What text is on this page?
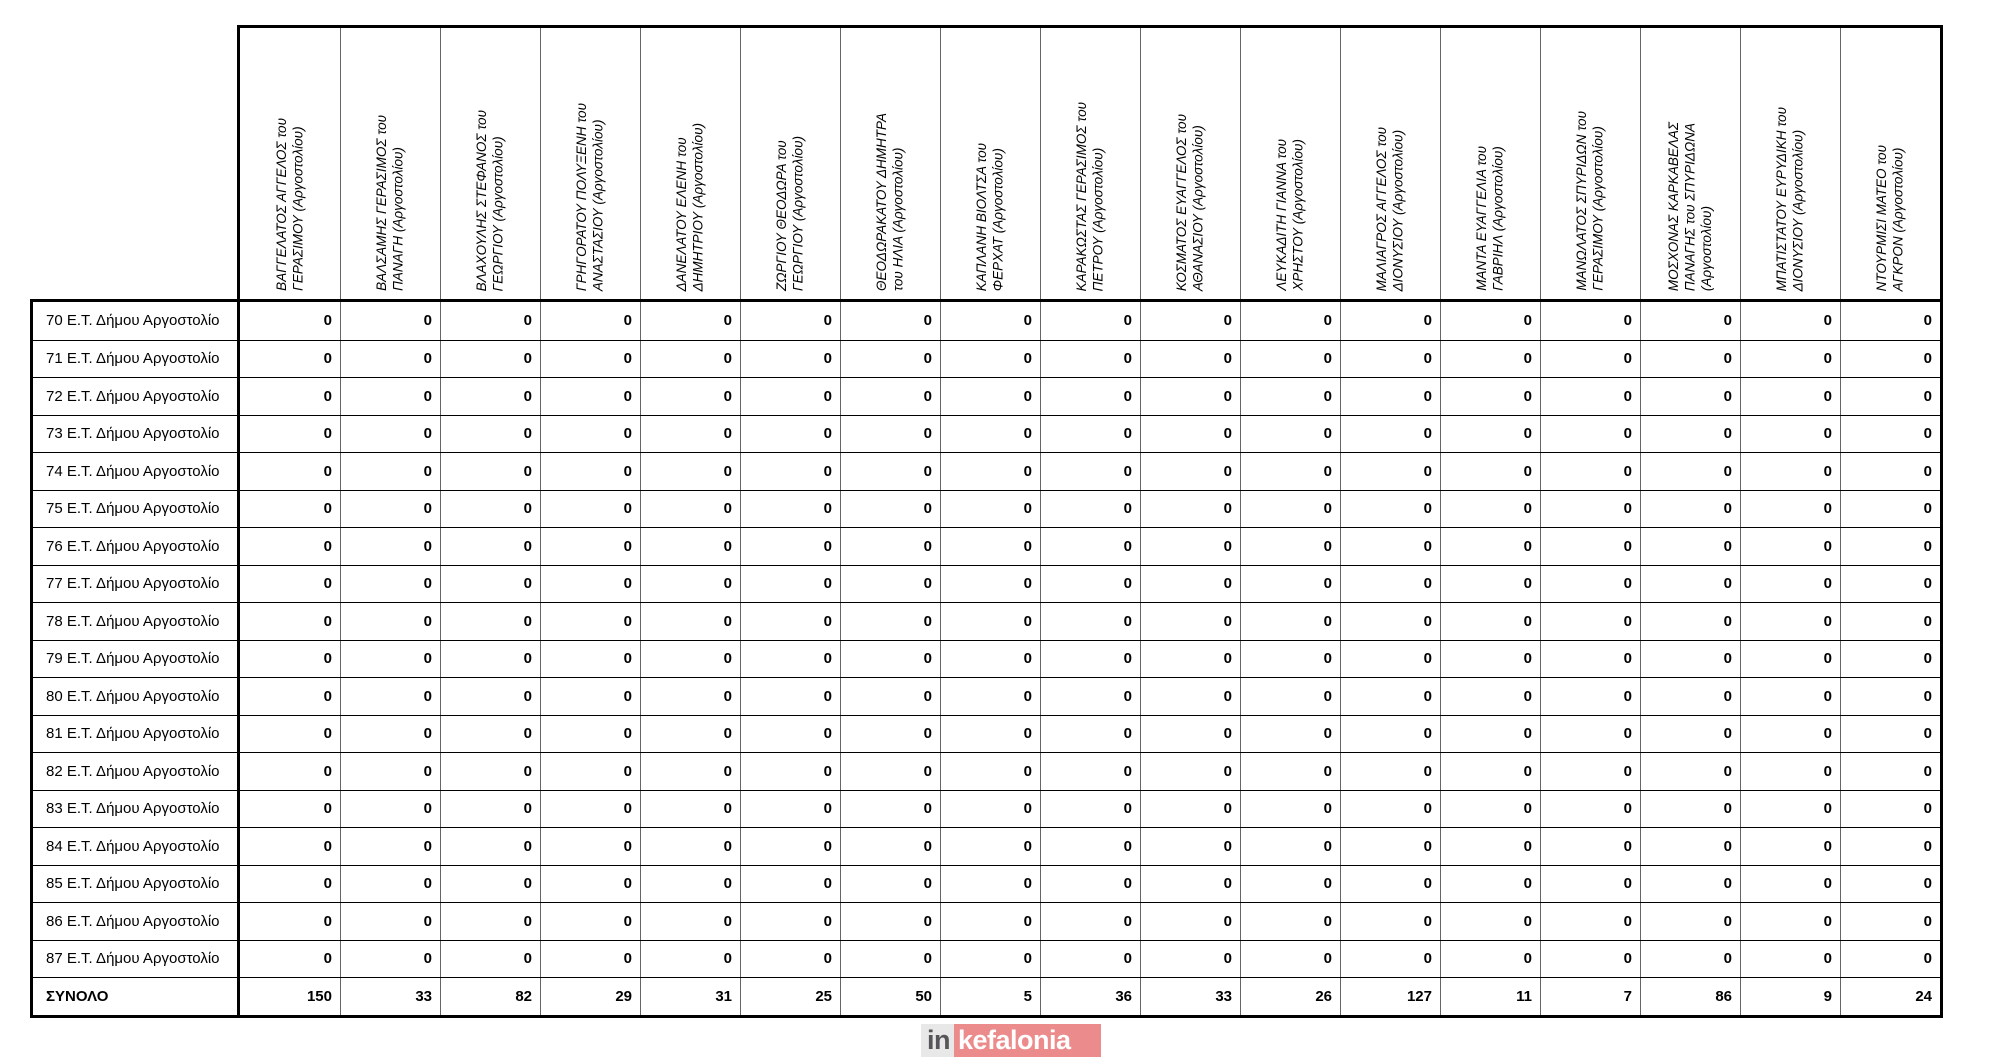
ΒΑΓΓΕΛΑΤΟΣ ΑΓΓΕΛΟΣ του ΓΕΡΑΣΙΜΟΥ (Αργοστολίου)	ΒΑΛΣΑΜΗΣ ΓΕΡΑΣΙΜΟΣ του ΠΑΝΑΓΗ (Αργοστολίου)	ΒΛΑΧΟΥΛΗΣ ΣΤΕΦΑΝΟΣ του ΓΕΩΡΓΙΟΥ (Αργοστολίου)	ΓΡΗΓΟΡΑΤΟΥ ΠΟΛΥΞΕΝΗ του ΑΝΑΣΤΑΣΙΟΥ (Αργοστολίου)	ΔΑΝΕΛΑΤΟΥ ΕΛΕΝΗ του ΔΗΜΗΤΡΙΟΥ (Αργοστολίου)	ΖΩΡΓΙΟΥ ΘΕΟΔΩΡΑ του ΓΕΩΡΓΙΟΥ (Αργοστολίου)	ΘΕΟΔΩΡΑΚΑΤΟΥ ΔΗΜΗΤΡΑ του ΗΛΙΑ (Αργοστολίου)	ΚΑΠΛΑΝΗ ΒΙΟΛΤΣΑ του ΦΕΡΧΑΤ (Αργοστολίου)	ΚΑΡΑΚΩΣΤΑΣ ΓΕΡΑΣΙΜΟΣ του ΠΕΤΡΟΥ (Αργοστολίου)	ΚΟΣΜΑΤΟΣ ΕΥΑΓΓΕΛΟΣ του ΑΘΑΝΑΣΙΟΥ (Αργοστολίου)	ΛΕΥΚΑΔΙΤΗ ΓΙΑΝΝΑ του ΧΡΗΣΤΟΥ (Αργοστολίου)	ΜΑΛΙΑΓΡΟΣ ΑΓΓΕΛΟΣ του ΔΙΟΝΥΣΙΟΥ (Αργοστολίου)	ΜΑΝΤΑ ΕΥΑΓΓΕΛΙΑ του ΓΑΒΡΙΗΛ (Αργοστολίου)	ΜΑΝΩΛΑΤΟΣ ΣΠΥΡΙΔΩΝ του ΓΕΡΑΣΙΜΟΥ (Αργοστολίου)	ΜΟΣΧΟΝΑΣ ΚΑΡΚΑΒΕΛΑΣ ΠΑΝΑΓΗΣ του ΣΠΥΡΙΔΩΝΑ (Αργοστολίου)	ΜΠΑΤΙΣΤΑΤΟΥ ΕΥΡΥΔΙΚΗ του ΔΙΟΝΥΣΙΟΥ (Αργοστολίου)	ΝΤΟΥΡΜΙΣΙ ΜΑΤΕΟ του ΑΓΚΡΟΝ (Αργοστολίου)
70 Ε.Τ. Δήμου Αργοστολίο	0	0	0	0	0	0	0	0	0	0	0	0	0	0	0	0	0
71 Ε.Τ. Δήμου Αργοστολίο	0	0	0	0	0	0	0	0	0	0	0	0	0	0	0	0	0
72 Ε.Τ. Δήμου Αργοστολίο	0	0	0	0	0	0	0	0	0	0	0	0	0	0	0	0	0
73 Ε.Τ. Δήμου Αργοστολίο	0	0	0	0	0	0	0	0	0	0	0	0	0	0	0	0	0
74 Ε.Τ. Δήμου Αργοστολίο	0	0	0	0	0	0	0	0	0	0	0	0	0	0	0	0	0
75 Ε.Τ. Δήμου Αργοστολίο	0	0	0	0	0	0	0	0	0	0	0	0	0	0	0	0	0
76 Ε.Τ. Δήμου Αργοστολίο	0	0	0	0	0	0	0	0	0	0	0	0	0	0	0	0	0
77 Ε.Τ. Δήμου Αργοστολίο	0	0	0	0	0	0	0	0	0	0	0	0	0	0	0	0	0
78 Ε.Τ. Δήμου Αργοστολίο	0	0	0	0	0	0	0	0	0	0	0	0	0	0	0	0	0
79 Ε.Τ. Δήμου Αργοστολίο	0	0	0	0	0	0	0	0	0	0	0	0	0	0	0	0	0
80 Ε.Τ. Δήμου Αργοστολίο	0	0	0	0	0	0	0	0	0	0	0	0	0	0	0	0	0
81 Ε.Τ. Δήμου Αργοστολίο	0	0	0	0	0	0	0	0	0	0	0	0	0	0	0	0	0
82 Ε.Τ. Δήμου Αργοστολίο	0	0	0	0	0	0	0	0	0	0	0	0	0	0	0	0	0
83 Ε.Τ. Δήμου Αργοστολίο	0	0	0	0	0	0	0	0	0	0	0	0	0	0	0	0	0
84 Ε.Τ. Δήμου Αργοστολίο	0	0	0	0	0	0	0	0	0	0	0	0	0	0	0	0	0
85 Ε.Τ. Δήμου Αργοστολίο	0	0	0	0	0	0	0	0	0	0	0	0	0	0	0	0	0
86 Ε.Τ. Δήμου Αργοστολίο	0	0	0	0	0	0	0	0	0	0	0	0	0	0	0	0	0
87 Ε.Τ. Δήμου Αργοστολίο	0	0	0	0	0	0	0	0	0	0	0	0	0	0	0	0	0
ΣΥΝΟΛΟ	150	33	82	29	31	25	50	5	36	33	26	127	11	7	86	9	24
in kefalonia
